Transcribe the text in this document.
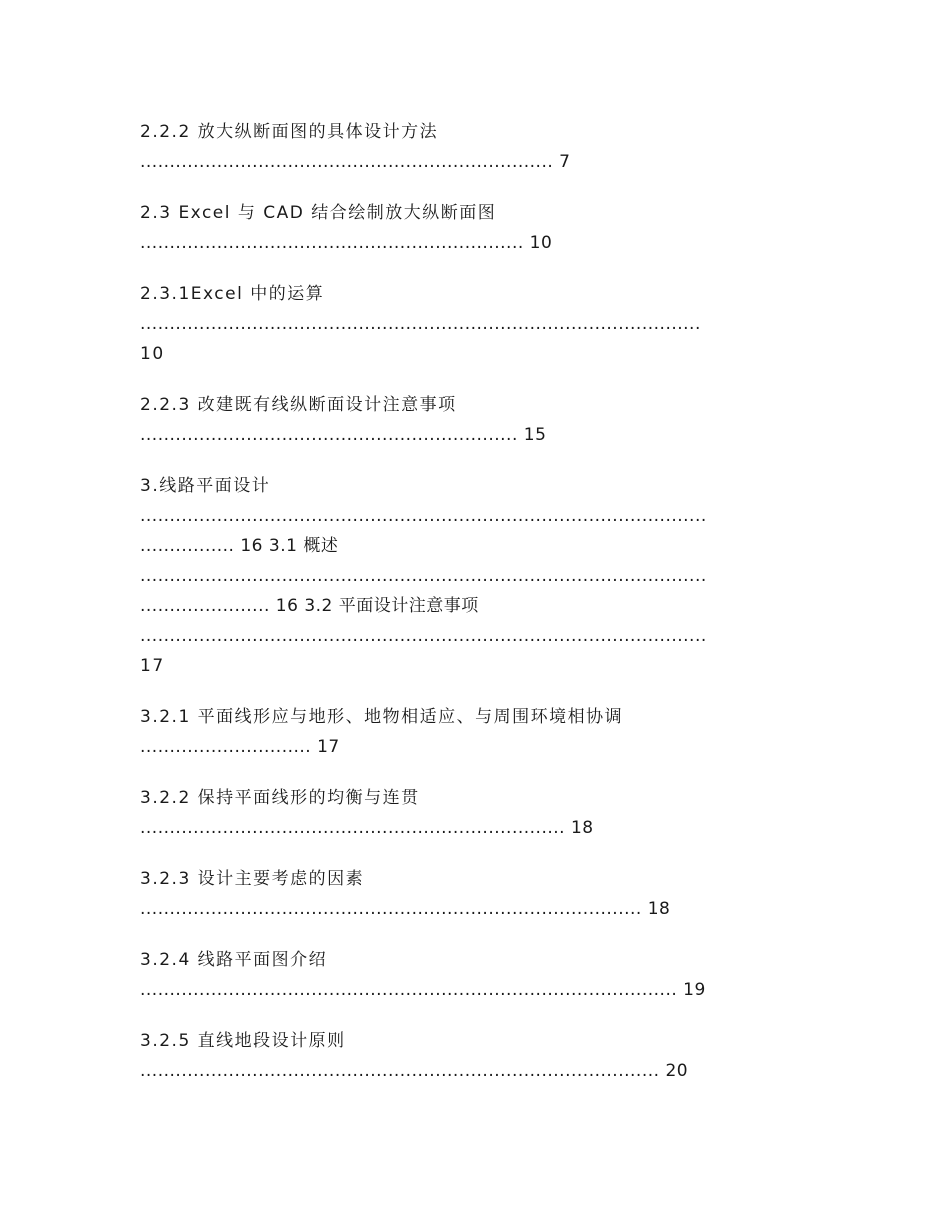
2.2.2 放大纵断面图的具体设计方法

...................................................................... 7

2.3 Excel 与 CAD 结合绘制放大纵断面图

................................................................. 10

2.3.1Excel 中的运算

...............................................................................................

10

2.2.3 改建既有线纵断面设计注意事项

................................................................ 15

3.线路平面设计

................................................................................................

................ 16 3.1 概述

................................................................................................

...................... 16 3.2 平面设计注意事项

................................................................................................

17

3.2.1 平面线形应与地形、地物相适应、与周围环境相协调

............................. 17

3.2.2 保持平面线形的均衡与连贯

........................................................................ 18

3.2.3 设计主要考虑的因素

..................................................................................... 18

3.2.4 线路平面图介绍

........................................................................................... 19

3.2.5 直线地段设计原则

........................................................................................ 20
